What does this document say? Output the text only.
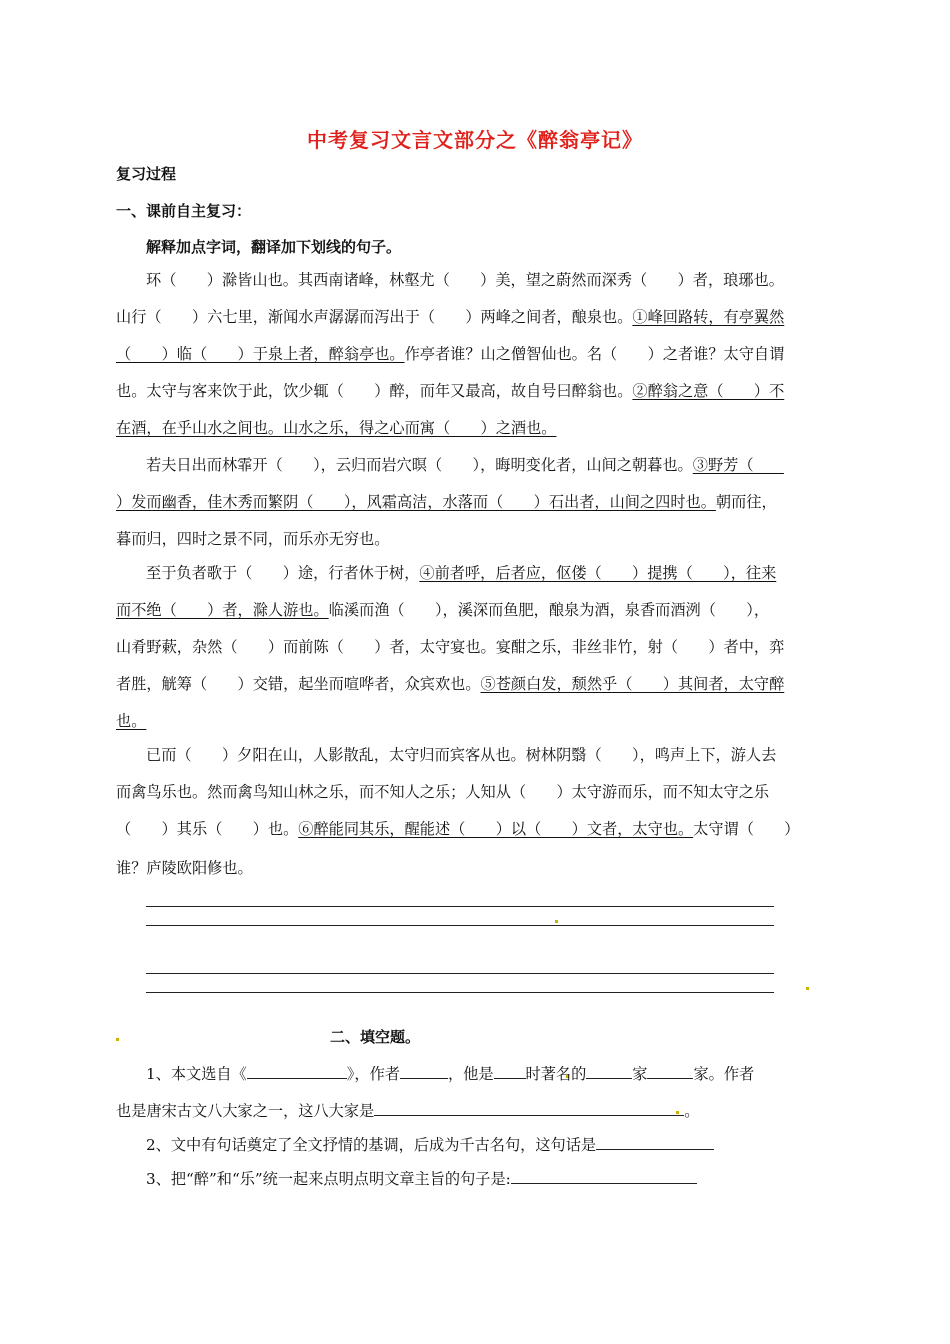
中考复习文言文部分之《醉翁亭记》
复习过程
一、课前自主复习：
解释加点字词，翻译加下划线的句子。
环（　　）滁皆山也。其西南诸峰，林壑尤（　　）美，望之蔚然而深秀（　　）者，琅琊也。
山行（　　）六七里，渐闻水声潺潺而泻出于（　　）两峰之间者，酿泉也。①峰回路转，有亭翼然
（　　）临（　　）于泉上者，醉翁亭也。作亭者谁？山之僧智仙也。名（　　）之者谁？太守自谓
也。太守与客来饮于此，饮少辄（　　）醉，而年又最高，故自号曰醉翁也。②醉翁之意（　　）不
在酒，在乎山水之间也。山水之乐，得之心而寓（　　）之酒也。
若夫日出而林霏开（　　），云归而岩穴暝（　　），晦明变化者，山间之朝暮也。③野芳（　　
）发而幽香，佳木秀而繁阴（　　），风霜高洁，水落而（　　）石出者，山间之四时也。朝而往，
暮而归，四时之景不同，而乐亦无穷也。
至于负者歌于（　　）途，行者休于树，④前者呼，后者应，伛偻（　　）提携（　　），往来
而不绝（　　）者，滁人游也。临溪而渔（　　），溪深而鱼肥，酿泉为酒，泉香而酒洌（　　），
山肴野蔌，杂然（　　）而前陈（　　）者，太守宴也。宴酣之乐，非丝非竹，射（　　）者中，弈
者胜，觥筹（　　）交错，起坐而喧哗者，众宾欢也。⑤苍颜白发，颓然乎（　　）其间者，太守醉
也。
已而（　　）夕阳在山，人影散乱，太守归而宾客从也。树林阴翳（　　），鸣声上下，游人去
而禽鸟乐也。然而禽鸟知山林之乐，而不知人之乐；人知从（　　）太守游而乐，而不知太守之乐
（　　）其乐（　　）也。⑥醉能同其乐，醒能述（　　）以（　　）文者，太守也。太守谓（　　）
谁？庐陵欧阳修也。
二、填空题。
1、本文选自《	》，作者	，他是 时著名的	家	家。作者
也是唐宋古文八大家之一，这八大家是	。
2、文中有句话奠定了全文抒情的基调，后成为千古名句，这句话是
3、把“醉”和“乐”统一起来点明点明文章主旨的句子是:
